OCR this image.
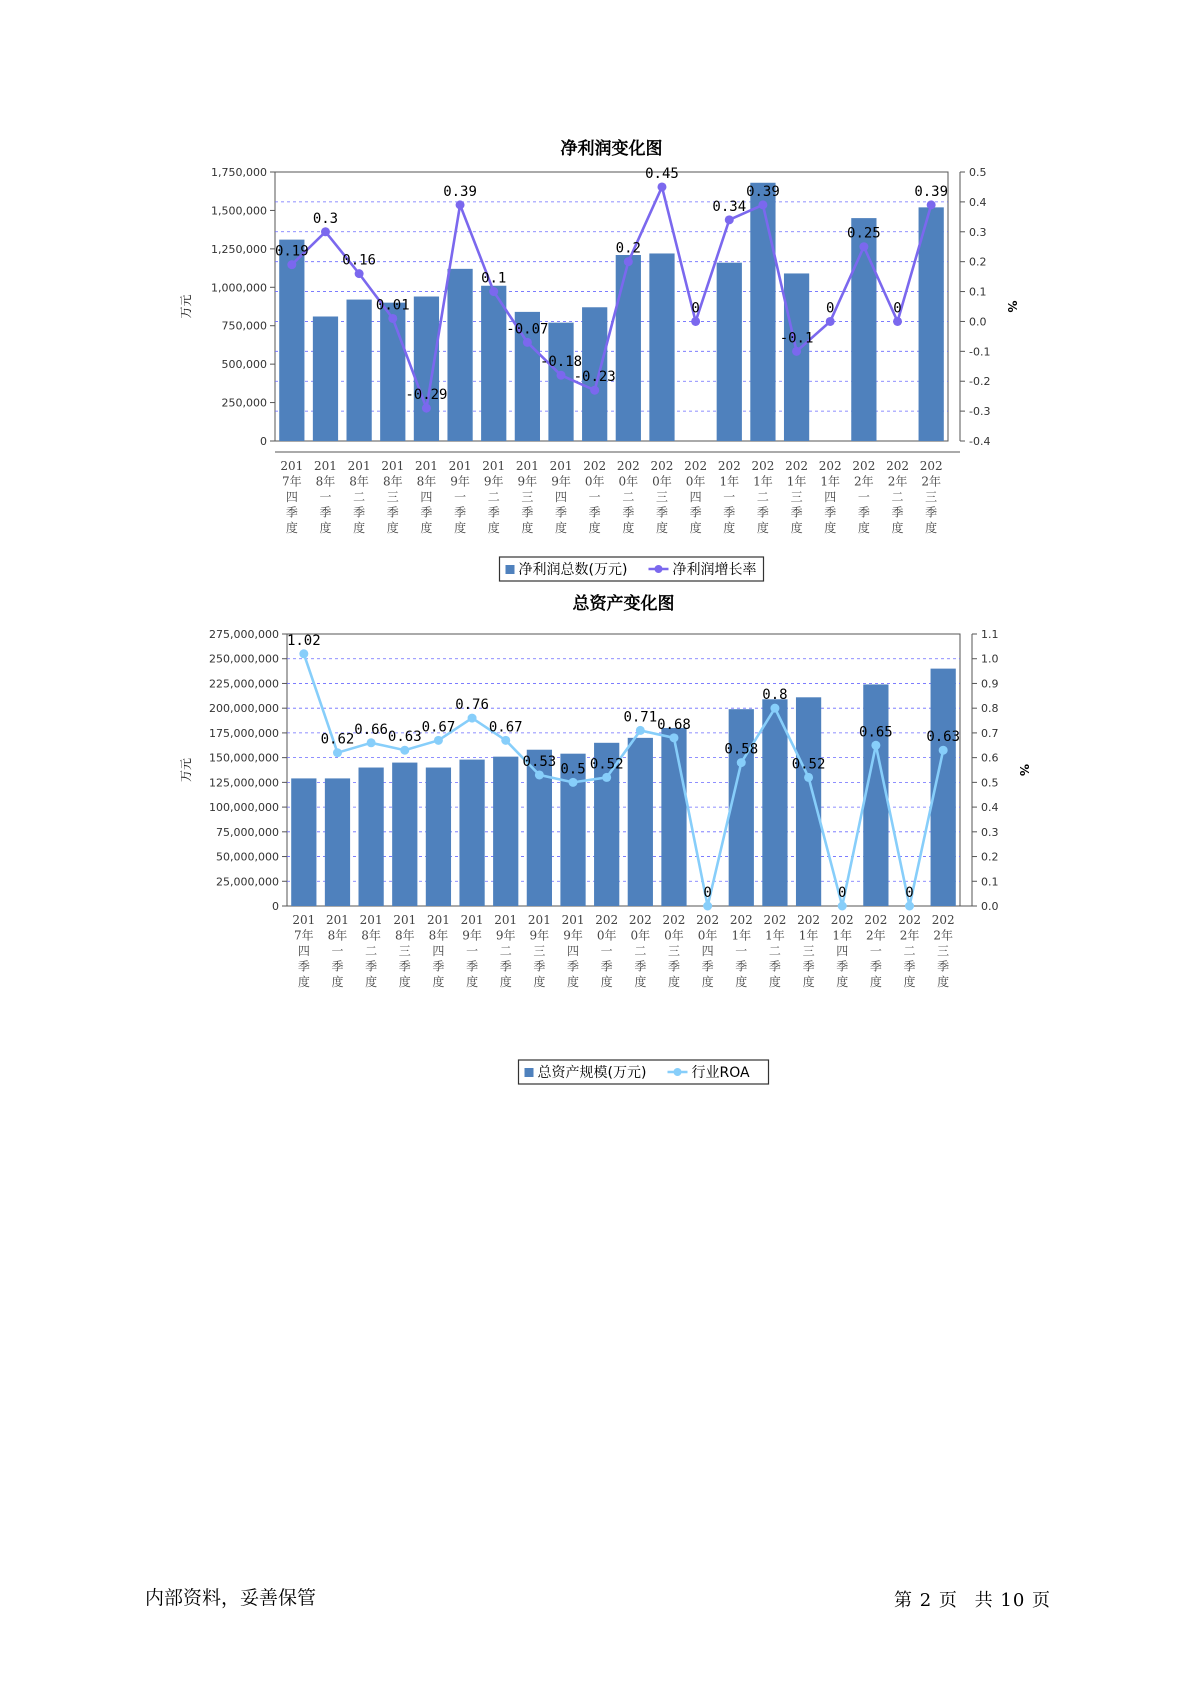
净利润变化图
0
250,000
500,000
750,000
1,000,000
1,250,000
1,500,000
1,750,000
万元
-0.4
-0.3
-0.2
-0.1
0.0
0.1
0.2
0.3
0.4
0.5
%
201 7年四季度
201 8年一季度
201 8年二季度
201 8年三季度
201 8年四季度
201 9年一季度
201 9年二季度
201 9年三季度
201 9年四季度
202 0年一季度
202 0年二季度
202 0年三季度
202 0年四季度
202 1年一季度
202 1年二季度
202 1年三季度
202 1年四季度
202 2年一季度
202 2年二季度
202 2年三季度
0.19
0.3
0.16
0.01
-0.29
0.39
0.1
-0.07
-0.18
-0.23
0.2
0.45
0
0.34
0.39
-0.1
0
0.25
0
0.39
净利润总数(万元)	净利润增长率
总资产变化图
0
25,000,000
50,000,000
75,000,000
100,000,000
125,000,000
150,000,000
175,000,000
200,000,000
225,000,000
250,000,000
275,000,000
万元
0.0
0.1
0.2
0.3
0.4
0.5
0.6
0.7
0.8
0.9
1.0
1.1
%
201 7年四季度
201 8年一季度
201 8年二季度
201 8年三季度
201 8年四季度
201 9年一季度
201 9年二季度
201 9年三季度
201 9年四季度
202 0年一季度
202 0年二季度
202 0年三季度
202 0年四季度
202 1年一季度
202 1年二季度
202 1年三季度
202 1年四季度
202 2年一季度
202 2年二季度
202 2年三季度
1.02
0.62
0.66 0.63
0.67
0.76
0.67
0.53 0.5 0.52
0.71 0.68
0
0.58
0.8
0.52
0
0.65
0
0.63
总资产规模(万元)	行业ROA
内部资料，妥善保管	第 2 页 共 10 页
